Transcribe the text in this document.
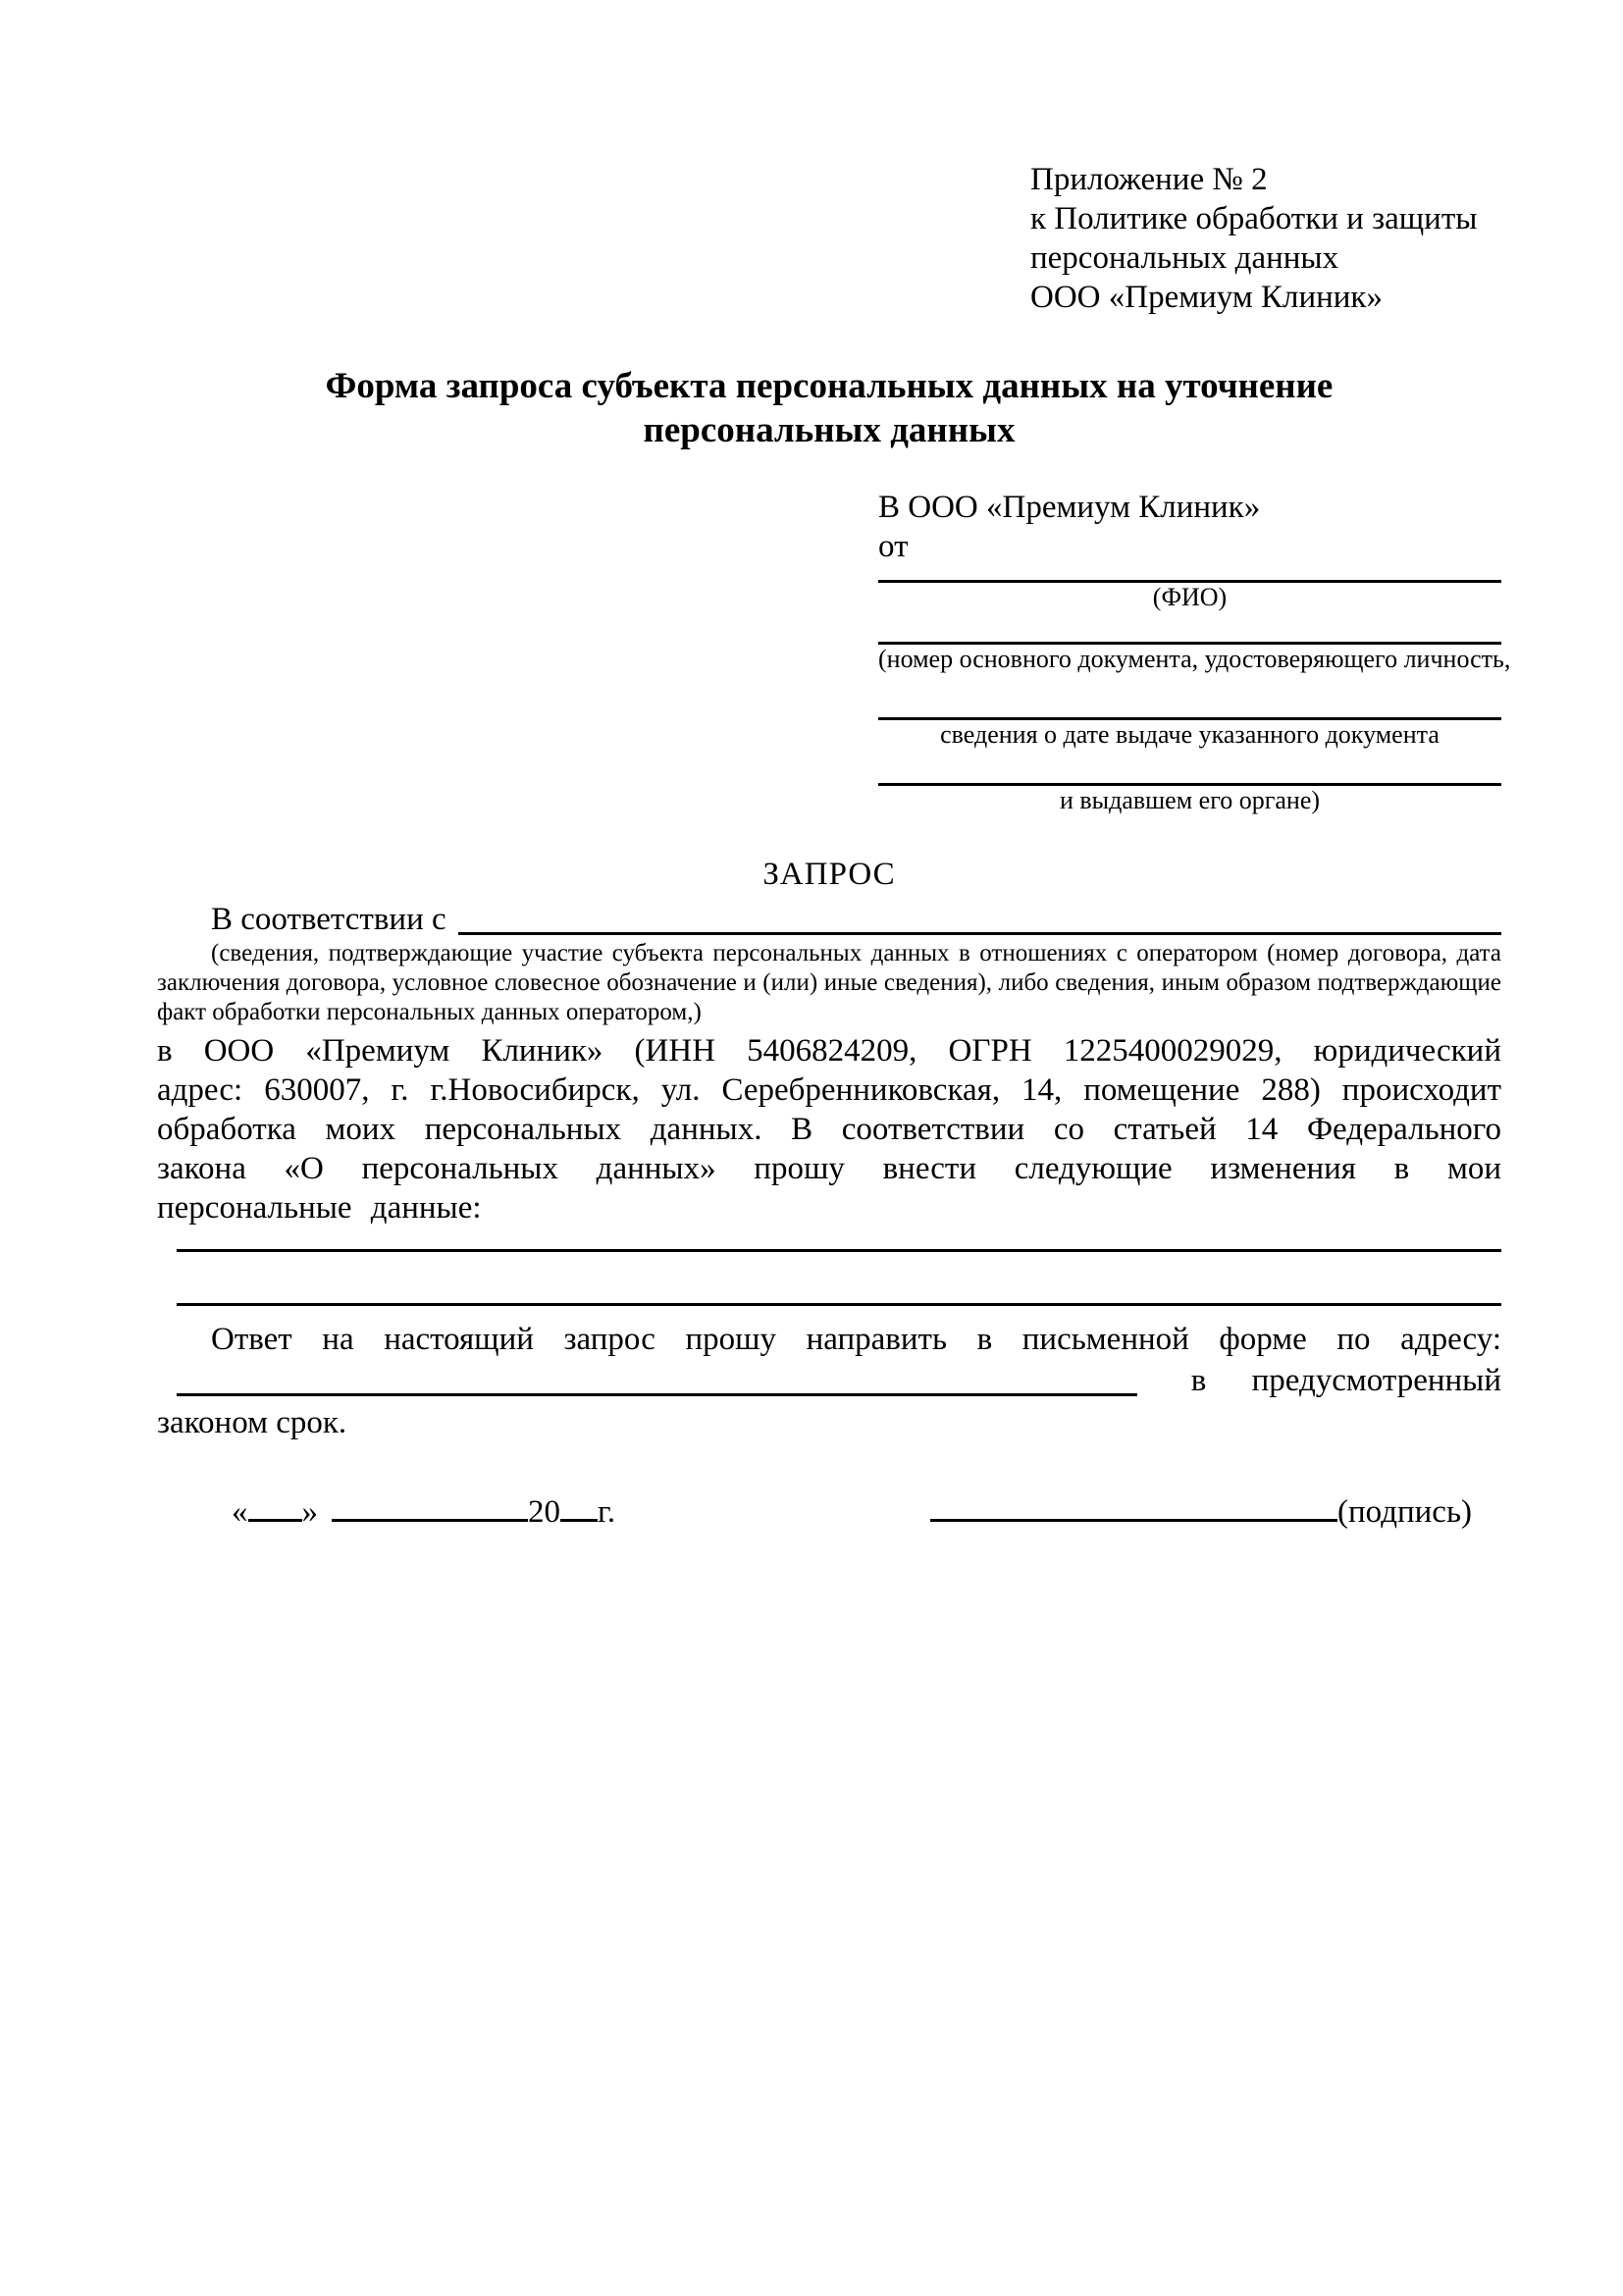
Приложение № 2
к Политике обработки и защиты
персональных данных
ООО «Премиум Клиник»
Форма запроса субъекта персональных данных на уточнение персональных данных
В ООО «Премиум Клиник»
от
(ФИО)
(номер основного документа, удостоверяющего личность,
сведения о дате выдаче указанного документа
и выдавшем его органе)
ЗАПРОС
В соответствии с

(сведения, подтверждающие участие субъекта персональных данных в отношениях с оператором (номер договора, дата заключения договора, условное словесное обозначение и (или) иные сведения), либо сведения, иным образом подтверждающие факт обработки персональных данных оператором,)

в ООО «Премиум Клиник» (ИНН 5406824209, ОГРН 1225400029029, юридический адрес: 630007, г. г.Новосибирск, ул. Серебренниковская, 14, помещение 288) происходит обработка моих персональных данных. В соответствии со статьей 14 Федерального закона «О персональных данных» прошу внести следующие изменения в мои персональные данные:

Ответ на настоящий запрос прошу направить в письменной форме по адресу:
в предусмотренный
законом срок.
« »	20 г.	(подпись)
